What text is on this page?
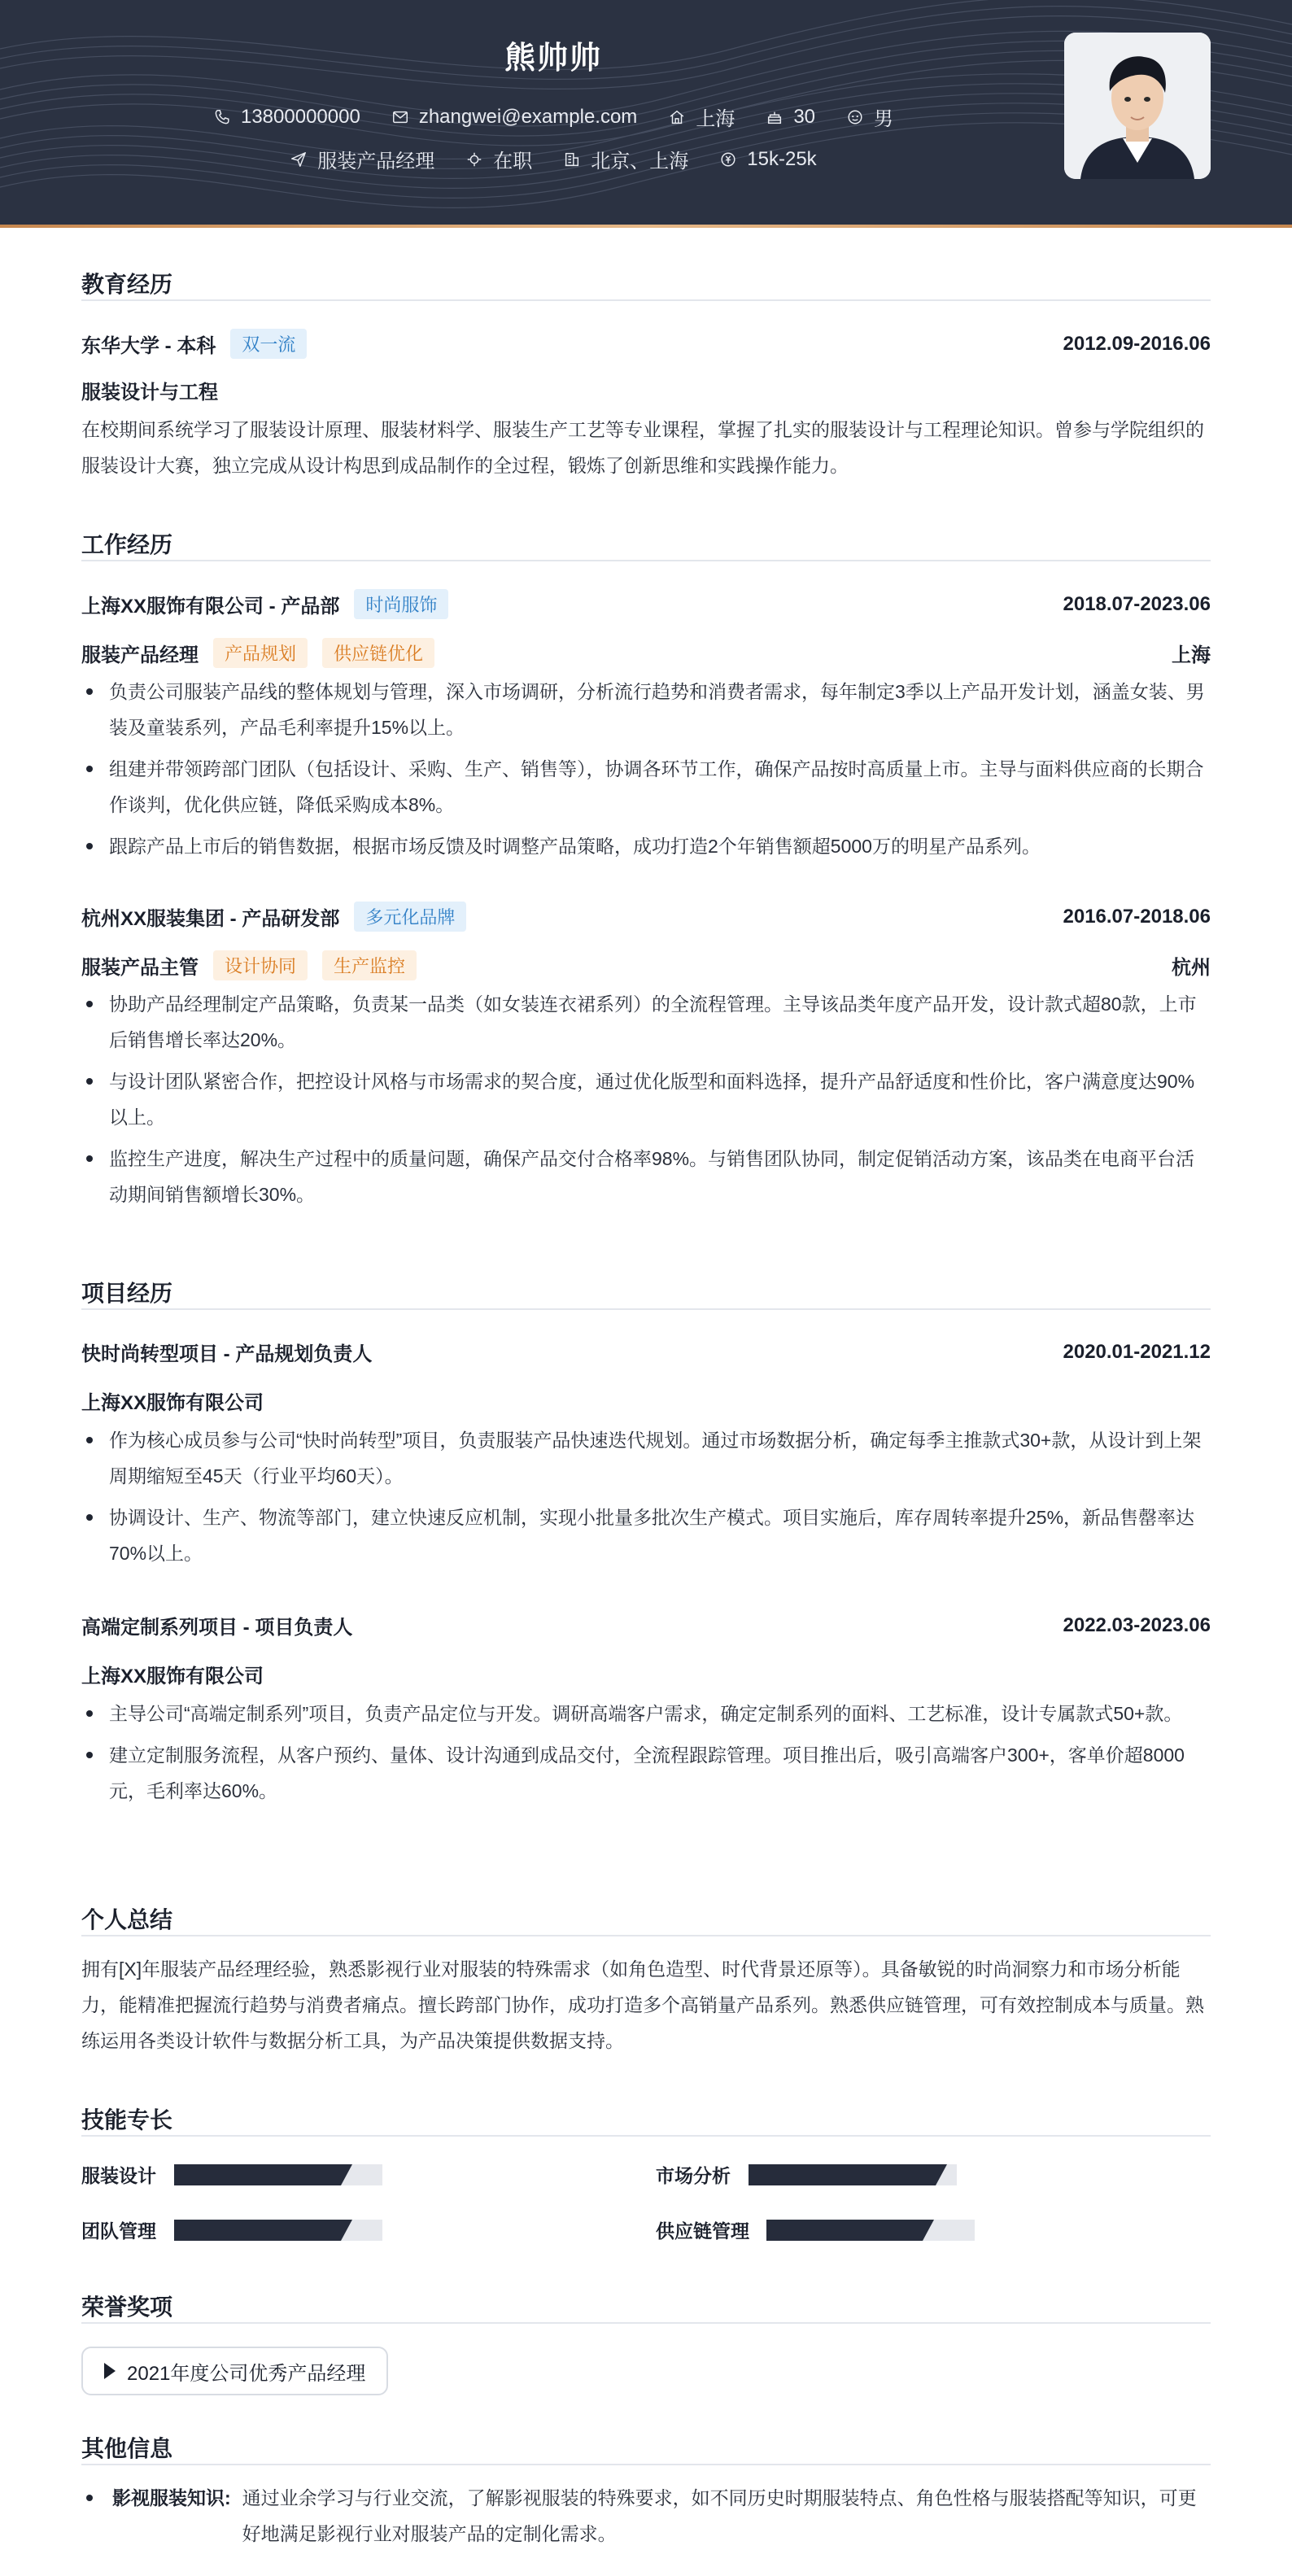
熊帅帅
13800000000	zhangwei@example.com	上海	30	男
服装产品经理	在职	北京、上海	15k-25k
教育经历
东华大学 - 本科	双一流	2012.09-2016.06
服装设计与工程
在校期间系统学习了服装设计原理、服装材料学、服装生产工艺等专业课程，掌握了扎实的服装设计与工程理论知识。曾参与学院组织的服装设计大赛，独立完成从设计构思到成品制作的全过程，锻炼了创新思维和实践操作能力。
工作经历
上海XX服饰有限公司 - 产品部	时尚服饰	2018.07-2023.06
服装产品经理	产品规划	供应链优化	上海
负责公司服装产品线的整体规划与管理，深入市场调研，分析流行趋势和消费者需求，每年制定3季以上产品开发计划，涵盖女装、男装及童装系列，产品毛利率提升15%以上。
组建并带领跨部门团队（包括设计、采购、生产、销售等），协调各环节工作，确保产品按时高质量上市。主导与面料供应商的长期合作谈判，优化供应链，降低采购成本8%。
跟踪产品上市后的销售数据，根据市场反馈及时调整产品策略，成功打造2个年销售额超5000万的明星产品系列。
杭州XX服装集团 - 产品研发部	多元化品牌	2016.07-2018.06
服装产品主管	设计协同	生产监控	杭州
协助产品经理制定产品策略，负责某一品类（如女装连衣裙系列）的全流程管理。主导该品类年度产品开发，设计款式超80款，上市后销售增长率达20%。
与设计团队紧密合作，把控设计风格与市场需求的契合度，通过优化版型和面料选择，提升产品舒适度和性价比，客户满意度达90%以上。
监控生产进度，解决生产过程中的质量问题，确保产品交付合格率98%。与销售团队协同，制定促销活动方案，该品类在电商平台活动期间销售额增长30%。
项目经历
快时尚转型项目 - 产品规划负责人	2020.01-2021.12
上海XX服饰有限公司
作为核心成员参与公司“快时尚转型”项目，负责服装产品快速迭代规划。通过市场数据分析，确定每季主推款式30+款，从设计到上架周期缩短至45天（行业平均60天）。
协调设计、生产、物流等部门，建立快速反应机制，实现小批量多批次生产模式。项目实施后，库存周转率提升25%，新品售罄率达70%以上。
高端定制系列项目 - 项目负责人	2022.03-2023.06
上海XX服饰有限公司
主导公司“高端定制系列”项目，负责产品定位与开发。调研高端客户需求，确定定制系列的面料、工艺标准，设计专属款式50+款。
建立定制服务流程，从客户预约、量体、设计沟通到成品交付，全流程跟踪管理。项目推出后，吸引高端客户300+，客单价超8000元，毛利率达60%。
个人总结
拥有[X]年服装产品经理经验，熟悉影视行业对服装的特殊需求（如角色造型、时代背景还原等）。具备敏锐的时尚洞察力和市场分析能力，能精准把握流行趋势与消费者痛点。擅长跨部门协作，成功打造多个高销量产品系列。熟悉供应链管理，可有效控制成本与质量。熟练运用各类设计软件与数据分析工具，为产品决策提供数据支持。
技能专长
服装设计	市场分析
团队管理	供应链管理
荣誉奖项
2021年度公司优秀产品经理
其他信息
影视服装知识: 通过业余学习与行业交流，了解影视服装的特殊要求，如不同历史时期服装特点、角色性格与服装搭配等知识，可更好地满足影视行业对服装产品的定制化需求。
